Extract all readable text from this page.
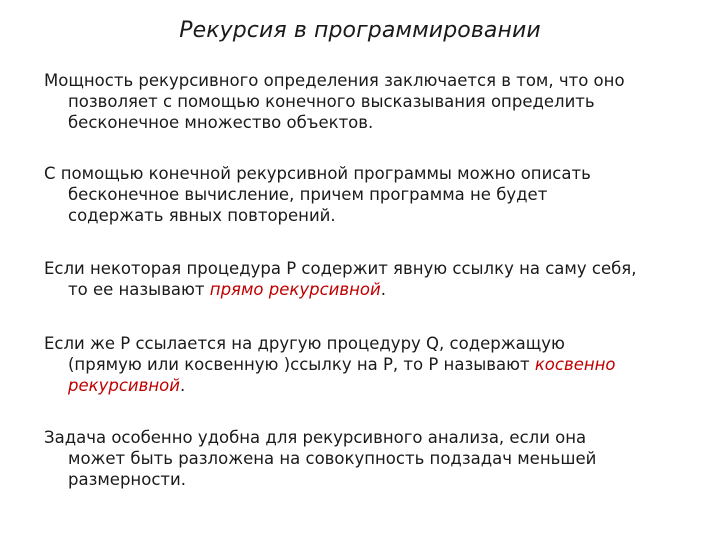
Рекурсия в программировании
Мощность рекурсивного определения заключается в том, что оно
позволяет с помощью конечного высказывания определить
бесконечное множество объектов.
С помощью конечной рекурсивной программы можно описать
бесконечное вычисление, причем программа не будет
содержать явных повторений.
Если некоторая процедура P содержит явную ссылку на саму себя,
то ее называют прямо рекурсивной.
Если же P ссылается на другую процедуру Q, содержащую
(прямую или косвенную )ссылку на P, то P называют косвенно
рекурсивной.
Задача особенно удобна для рекурсивного анализа, если она
может быть разложена на совокупность подзадач меньшей
размерности.
